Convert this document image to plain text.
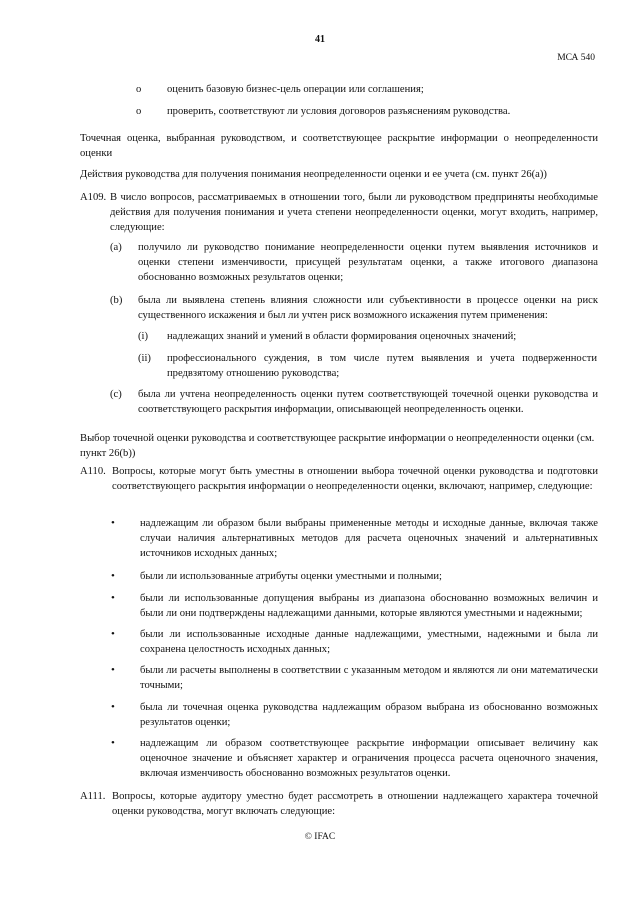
41
МСА 540
o оценить базовую бизнес-цель операции или соглашения;
o проверить, соответствуют ли условия договоров разъяснениям руководства.
Точечная оценка, выбранная руководством, и соответствующее раскрытие информации о неопределенности оценки
Действия руководства для получения понимания неопределенности оценки и ее учета (см. пункт 26(a))
A109. В число вопросов, рассматриваемых в отношении того, были ли руководством предприняты необходимые действия для получения понимания и учета степени неопределенности оценки, могут входить, например, следующие:
(a) получило ли руководство понимание неопределенности оценки путем выявления источников и оценки степени изменчивости, присущей результатам оценки, а также итогового диапазона обоснованно возможных результатов оценки;
(b) была ли выявлена степень влияния сложности или субъективности в процессе оценки на риск существенного искажения и был ли учтен риск возможного искажения путем применения:
(i) надлежащих знаний и умений в области формирования оценочных значений;
(ii) профессионального суждения, в том числе путем выявления и учета подверженности предвзятому отношению руководства;
(c) была ли учтена неопределенность оценки путем соответствующей точечной оценки руководства и соответствующего раскрытия информации, описывающей неопределенность оценки.
Выбор точечной оценки руководства и соответствующее раскрытие информации о неопределенности оценки (см. пункт 26(b))
A110. Вопросы, которые могут быть уместны в отношении выбора точечной оценки руководства и подготовки соответствующего раскрытия информации о неопределенности оценки, включают, например, следующие:
• надлежащим ли образом были выбраны примененные методы и исходные данные, включая также случаи наличия альтернативных методов для расчета оценочных значений и альтернативных источников исходных данных;
• были ли использованные атрибуты оценки уместными и полными;
• были ли использованные допущения выбраны из диапазона обоснованно возможных величин и были ли они подтверждены надлежащими данными, которые являются уместными и надежными;
• были ли использованные исходные данные надлежащими, уместными, надежными и была ли сохранена целостность исходных данных;
• были ли расчеты выполнены в соответствии с указанным методом и являются ли они математически точными;
• была ли точечная оценка руководства надлежащим образом выбрана из обоснованно возможных результатов оценки;
• надлежащим ли образом соответствующее раскрытие информации описывает величину как оценочное значение и объясняет характер и ограничения процесса расчета оценочного значения, включая изменчивость обоснованно возможных результатов оценки.
A111. Вопросы, которые аудитору уместно будет рассмотреть в отношении надлежащего характера точечной оценки руководства, могут включать следующие:
© IFAC
